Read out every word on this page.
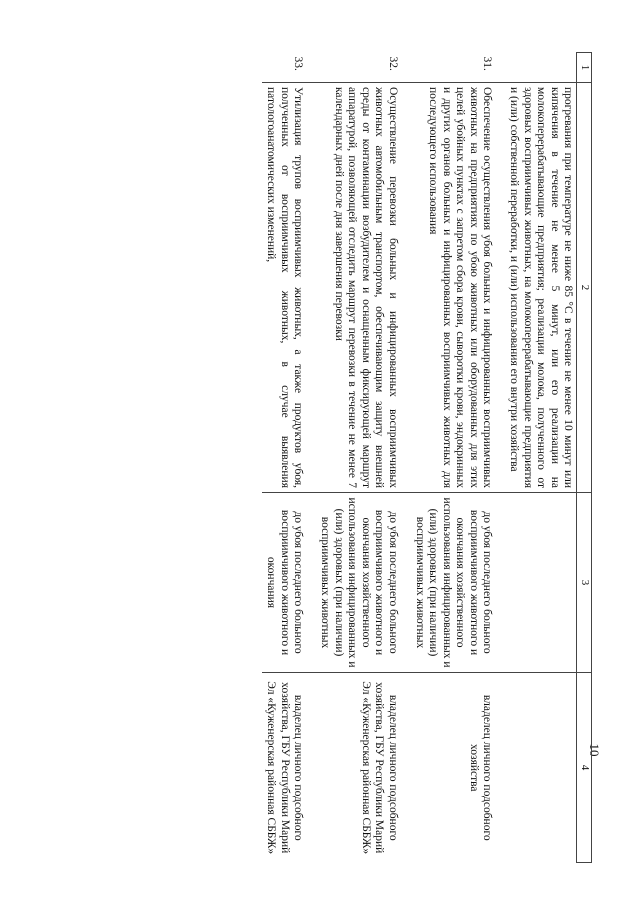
10
1	2	3	4
	прогревания при температуре не ниже 85 °С в течение не менее 10 минут или кипячения в течение не менее 5 минут, или его реализации на молокоперерабатывающие предприятия; реализации молока, полученного от здоровых восприимчивых животных, на молокоперерабатывающие предприятия и (или) собственной переработки, и (или) использования его внутри хозяйства		

31.	Обеспечение осуществления убоя больных и инфицированных восприимчивых животных на предприятиях по убою животных или оборудованных для этих целей убойных пунктах с запретом сбора крови, сыворотки крови, эндокринных и других органов больных и инфицированных восприимчивых животных для последующего использования	до убоя последнего больного восприимчивого животного и окончания хозяйственного использования инфицированных и (или) здоровых (при наличии) восприимчивых животных	владелец личного подсобного хозяйства

32.	Осуществление перевозки больных и инфицированных восприимчивых животных автомобильным транспортом, обеспечивающим защиту внешней среды от контаминации возбудителем и оснащенным фиксирующей маршрут аппаратурой, позволяющей отследить маршрут перевозки в течение не менее 7 календарных дней после дня завершения перевозки	до убоя последнего больного восприимчивого животного и окончания хозяйственного использования инфицированных и (или) здоровых (при наличии) восприимчивых животных	владелец личного подсобного хозяйства, ГБУ Республики Марий Эл «Куженерская районная СББЖ»

33.	Утилизация трупов восприимчивых животных, а также продуктов убоя, полученных от восприимчивых животных, в случае выявления патологоанатомических изменений,	до убоя последнего больного восприимчивого животного и окончания	владелец личного подсобного хозяйства, ГБУ Республики Марий Эл «Куженерская районная СББЖ»
